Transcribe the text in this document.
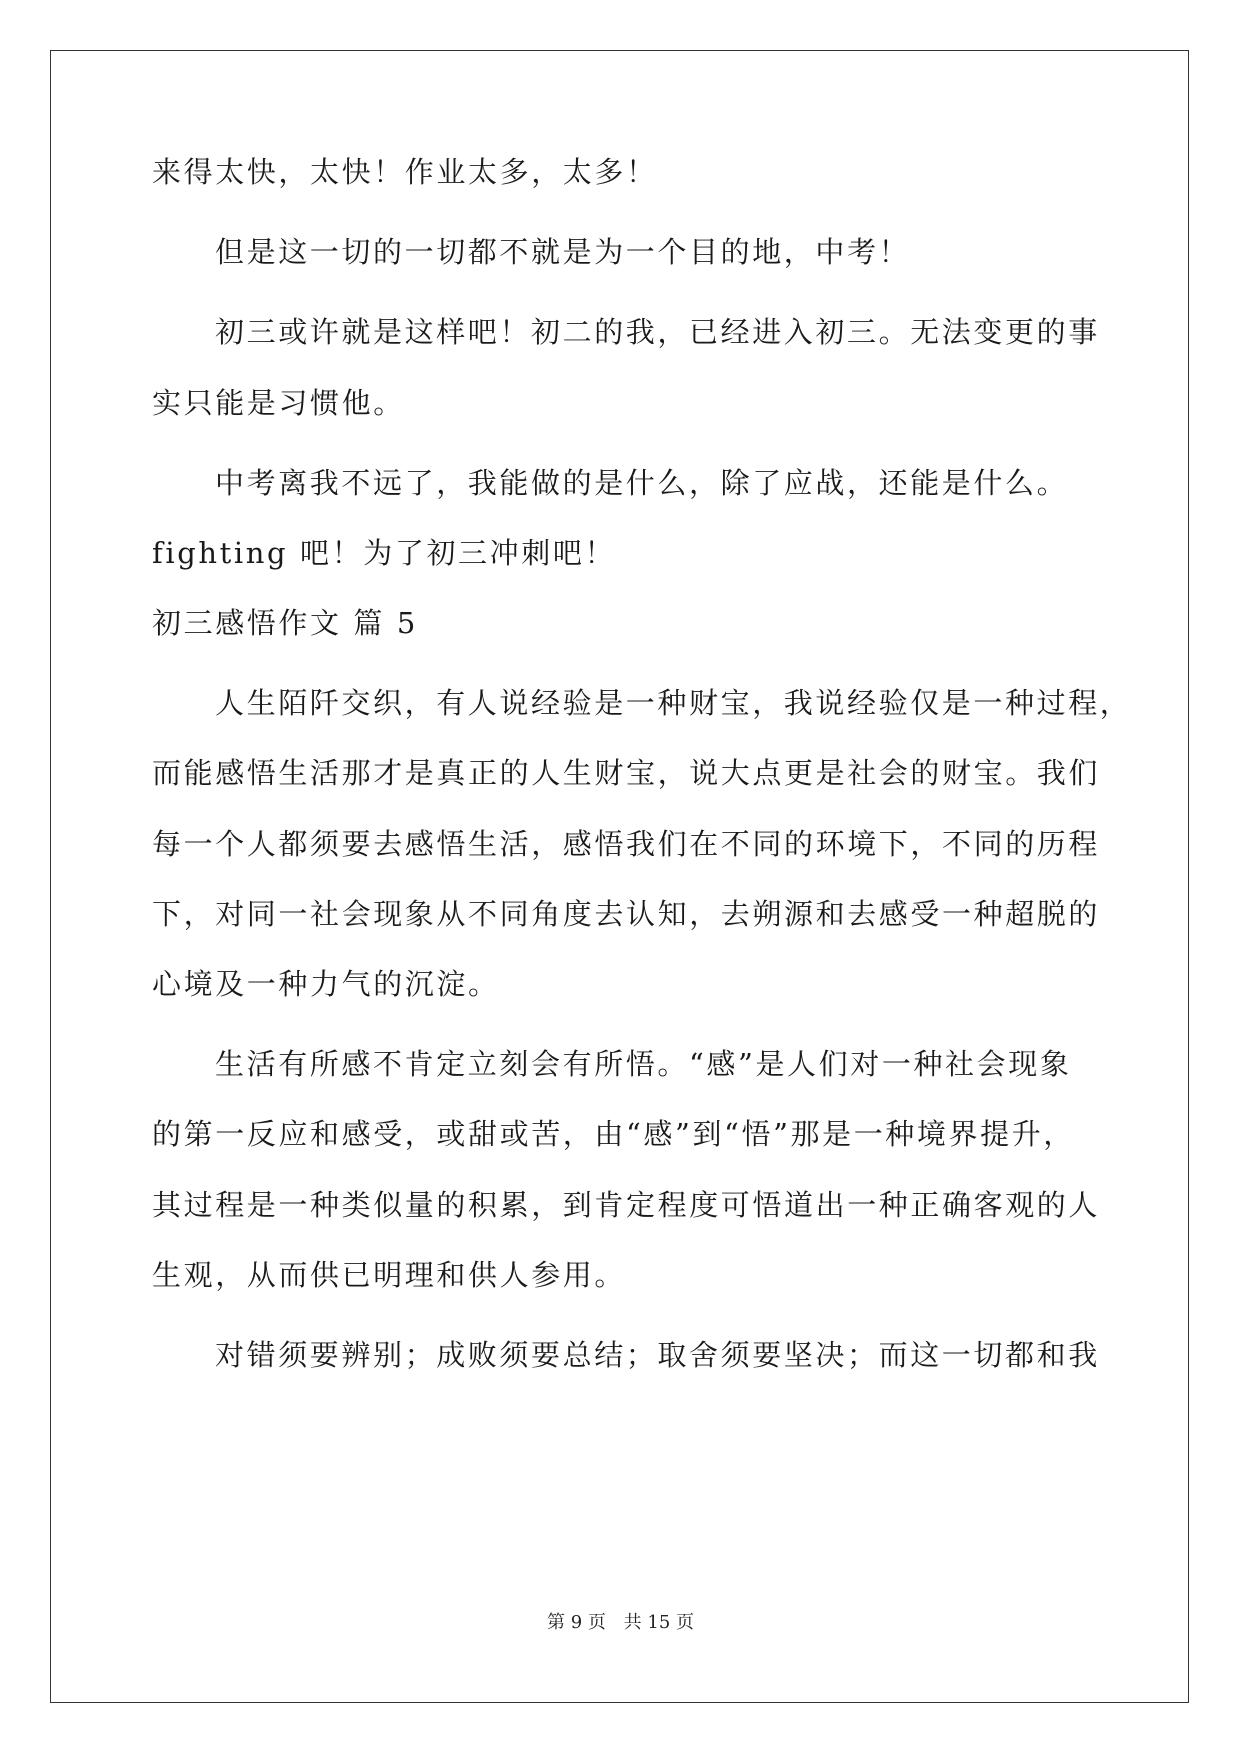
来得太快，太快！作业太多，太多！
但是这一切的一切都不就是为一个目的地，中考！
初三或许就是这样吧！初二的我，已经进入初三。无法变更的事
实只能是习惯他。
中考离我不远了，我能做的是什么，除了应战，还能是什么。
fighting 吧！为了初三冲刺吧！
初三感悟作文 篇 5
人生陌阡交织，有人说经验是一种财宝，我说经验仅是一种过程，
而能感悟生活那才是真正的人生财宝，说大点更是社会的财宝。我们
每一个人都须要去感悟生活，感悟我们在不同的环境下，不同的历程
下，对同一社会现象从不同角度去认知，去朔源和去感受一种超脱的
心境及一种力气的沉淀。
生活有所感不肯定立刻会有所悟。“感”是人们对一种社会现象
的第一反应和感受，或甜或苦，由“感”到“悟”那是一种境界提升，
其过程是一种类似量的积累，到肯定程度可悟道出一种正确客观的人
生观，从而供已明理和供人参用。
对错须要辨别；成败须要总结；取舍须要坚决；而这一切都和我
第 9 页 共 15 页
